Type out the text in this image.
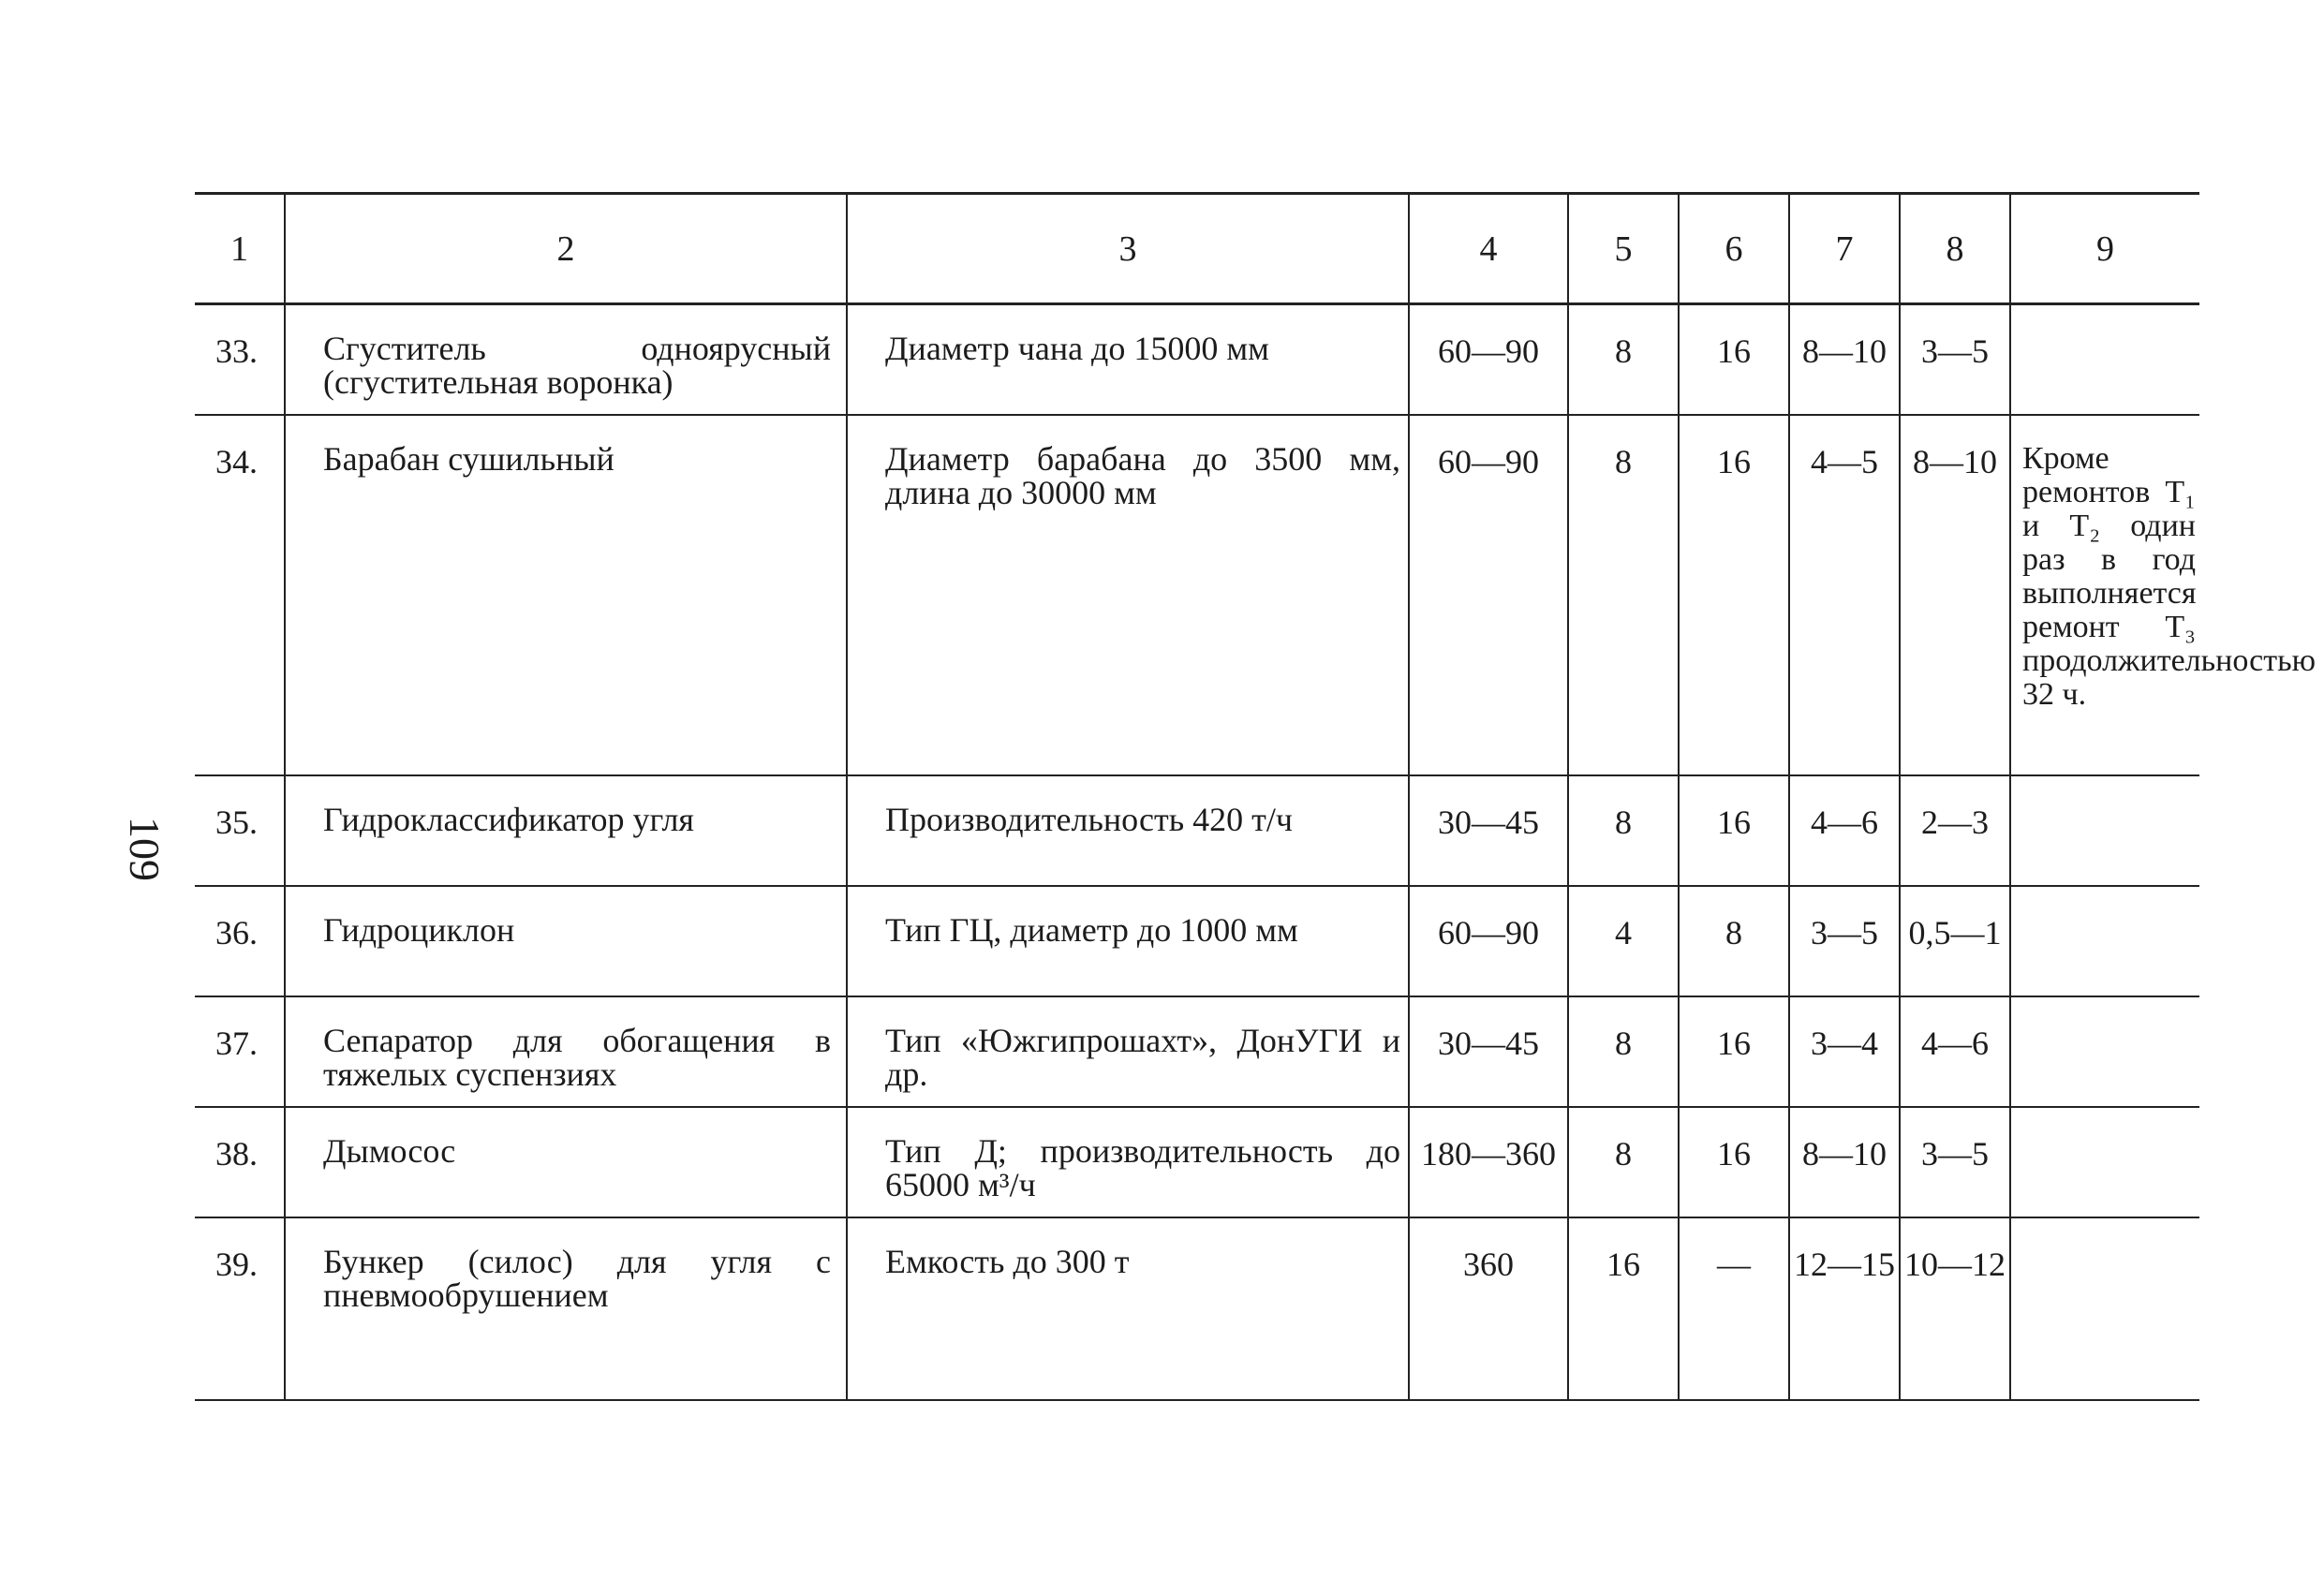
109
1	2	3	4	5	6	7	8	9
33.	Сгуститель одноярусный (сгустительная воронка)	Диаметр чана до 15000 мм	60—90	8	16	8—10	3—5	
34.	Барабан сушильный	Диаметр барабана до 3500 мм, длина до 30000 мм	60—90	8	16	4—5	8—10	Кроме ремонтов T₁ и T₂ один раз в год выполняется ремонт T₃ продолжительностью 32 ч.
35.	Гидроклассификатор угля	Производительность 420 т/ч	30—45	8	16	4—6	2—3	
36.	Гидроциклон	Тип ГЦ, диаметр до 1000 мм	60—90	4	8	3—5	0,5—1	
37.	Сепаратор для обогащения в тяжелых суспензиях	Тип «Южгипрошахт», ДонУГИ и др.	30—45	8	16	3—4	4—6	
38.	Дымосос	Тип Д; производительность до 65000 м³/ч	180—360	8	16	8—10	3—5	
39.	Бункер (силос) для угля с пневмообрушением	Емкость до 300 т	360	16	—	12—15	10—12	
